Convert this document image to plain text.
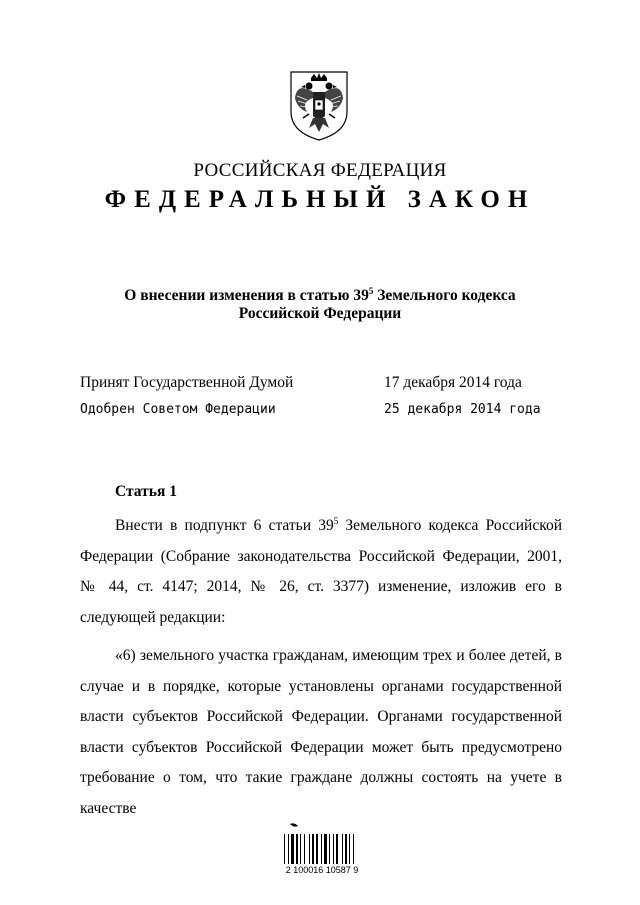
РОССИЙСКАЯ ФЕДЕРАЦИЯ
ФЕДЕРАЛЬНЫЙ ЗАКОН
О внесении изменения в статью $39^5$ Земельного кодекса
Российской Федерации
Принят Государственной Думой	17 декабря 2014 года
Одобрен Советом Федерации	25 декабря 2014 года
Статья 1
Внести в подпункт 6 статьи $39^5$ Земельного кодекса Российской Федерации (Собрание законодательства Российской Федерации, 2001, № 44, ст. 4147; 2014, № 26, ст. 3377) изменение, изложив его в следующей редакции:
«6) земельного участка гражданам, имеющим трех и более детей, в случае и в порядке, которые установлены органами государственной власти субъектов Российской Федерации. Органами государственной власти субъектов Российской Федерации может быть предусмотрено требование о том, что такие граждане должны состоять на учете в качестве
2 100016 10587 9
